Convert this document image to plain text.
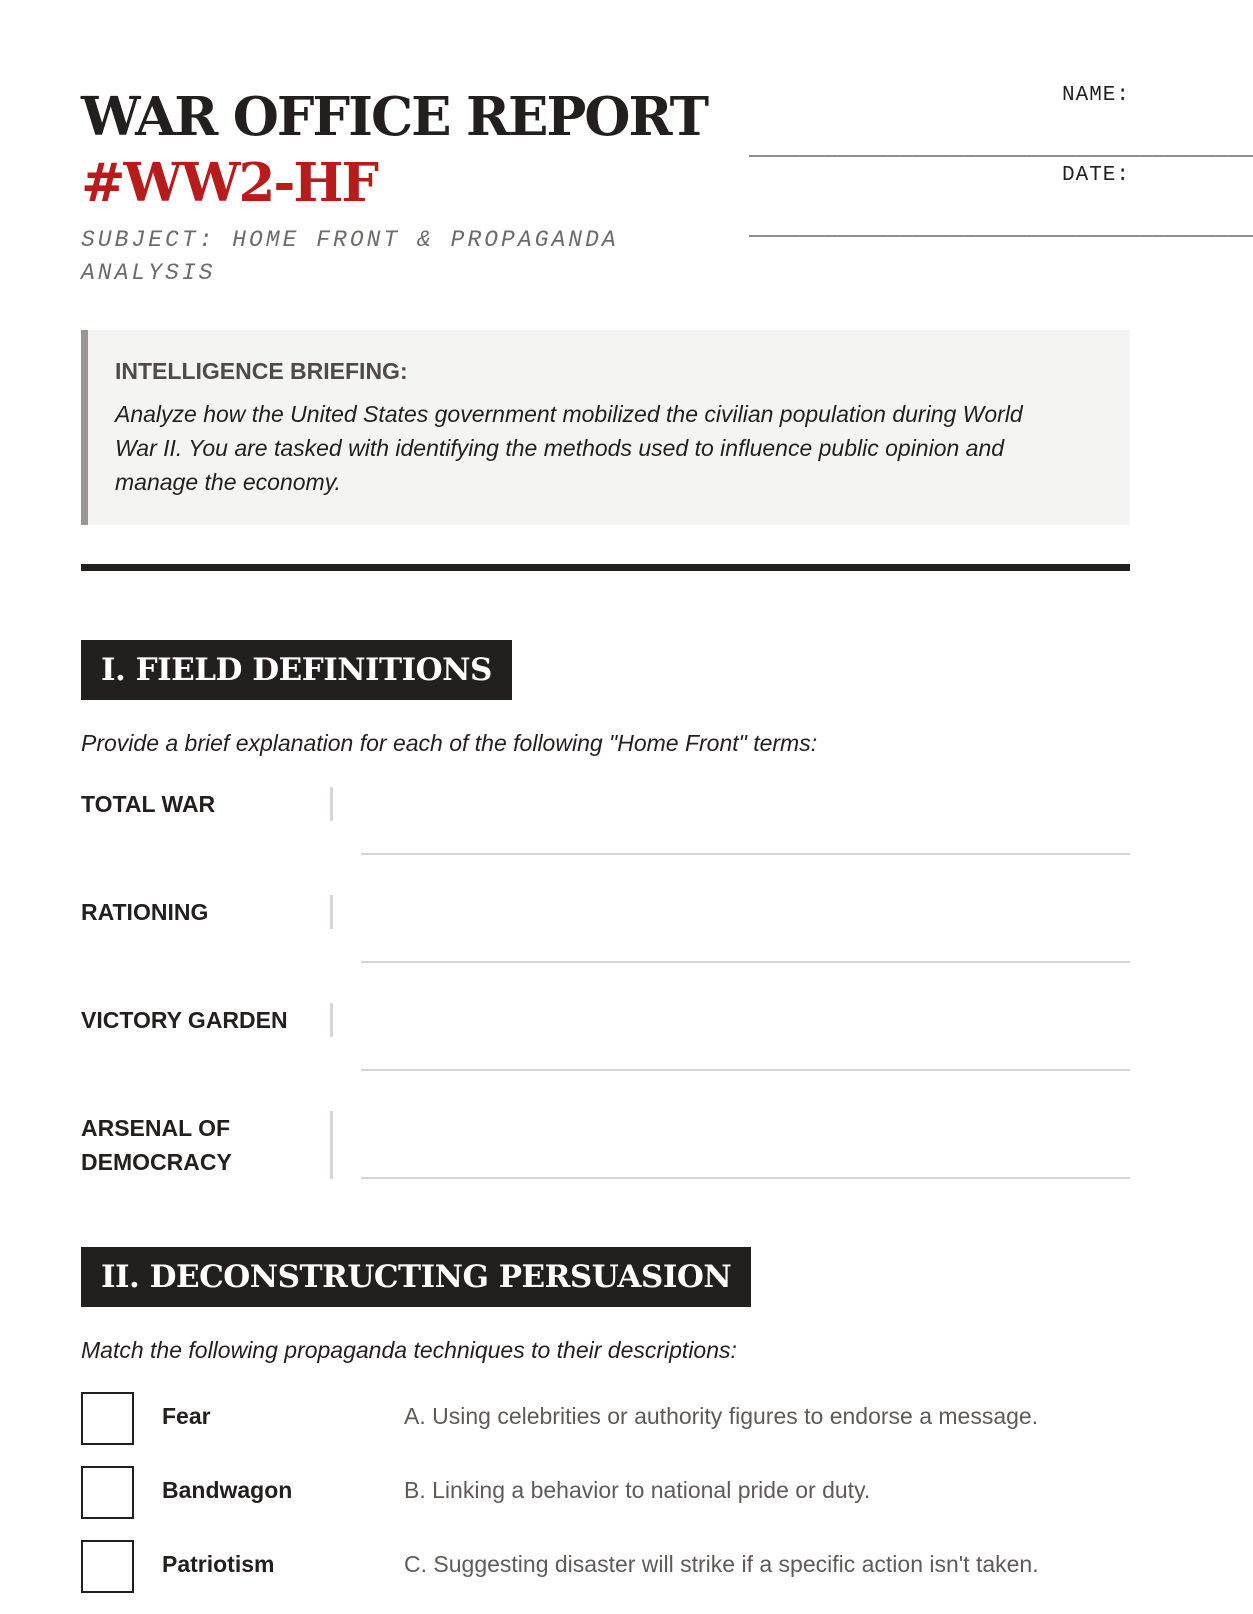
WAR OFFICE REPORT
#WW2-HF
SUBJECT: HOME FRONT & PROPAGANDA ANALYSIS
NAME:
________________________________________
DATE:
________________________________________
INTELLIGENCE BRIEFING:
Analyze how the United States government mobilized the civilian population during World War II. You are tasked with identifying the methods used to influence public opinion and manage the economy.
I. FIELD DEFINITIONS
Provide a brief explanation for each of the following "Home Front" terms:
TOTAL WAR
RATIONING
VICTORY GARDEN
ARSENAL OF DEMOCRACY
II. DECONSTRUCTING PERSUASION
Match the following propaganda techniques to their descriptions:
Fear	A. Using celebrities or authority figures to endorse a message.
Bandwagon	B. Linking a behavior to national pride or duty.
Patriotism	C. Suggesting disaster will strike if a specific action isn't taken.
